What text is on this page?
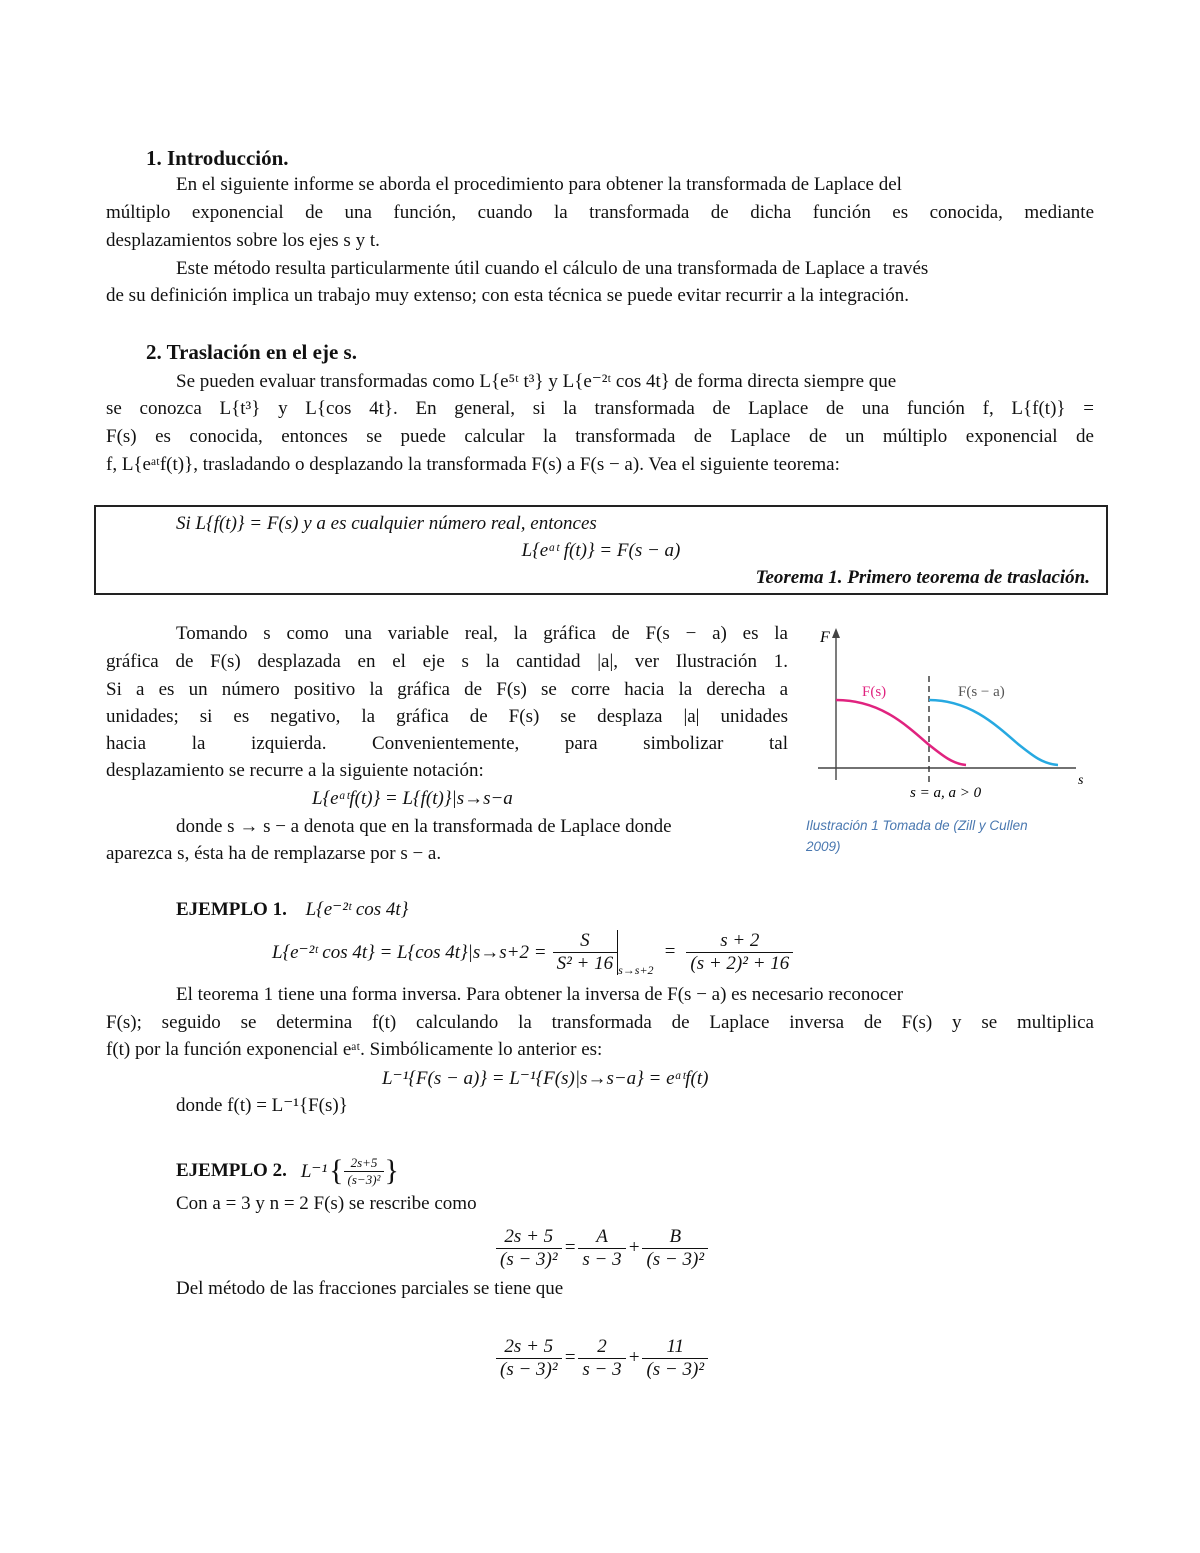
1. Introducción.
En el siguiente informe se aborda el procedimiento para obtener la transformada de Laplace del
múltiplo exponencial de una función, cuando la transformada de dicha función es conocida, mediante
desplazamientos sobre los ejes s y t.
Este método resulta particularmente útil cuando el cálculo de una transformada de Laplace a través
de su definición implica un trabajo muy extenso; con esta técnica se puede evitar recurrir a la integración.
2. Traslación en el eje s.
Se pueden evaluar transformadas como L{e⁵ᵗ t³} y L{e⁻²ᵗ cos 4t} de forma directa siempre que
se conozca L{t³} y L{cos 4t}. En general, si la transformada de Laplace de una función f, L{f(t)} =
F(s) es conocida, entonces se puede calcular la transformada de Laplace de un múltiplo exponencial de
f, L{eᵃᵗf(t)}, trasladando o desplazando la transformada F(s) a F(s − a). Vea el siguiente teorema:
Si L{f(t)} = F(s) y a es cualquier número real, entonces
L{eᵃᵗ f(t)} = F(s − a)
Teorema 1. Primero teorema de traslación.
Tomando s como una variable real, la gráfica de F(s − a) es la
gráfica de F(s) desplazada en el eje s la cantidad |a|, ver Ilustración 1.
Si a es un número positivo la gráfica de F(s) se corre hacia la derecha a
unidades; si es negativo, la gráfica de F(s) se desplaza |a| unidades
hacia la izquierda. Convenientemente, para simbolizar tal
desplazamiento se recurre a la siguiente notación:
L{eᵃᵗf(t)} = L{f(t)}|s→s−a
donde s → s − a denota que en la transformada de Laplace donde
aparezca s, ésta ha de remplazarse por s − a.
F
s
F(s)	F(s − a)
s = a, a > 0
Ilustración 1 Tomada de (Zill y Cullen
2009)
EJEMPLO 1. L{e⁻²ᵗ cos 4t}
L{e⁻²ᵗ cos 4t} = L{cos $4t\}|s\to s+2 = \frac{S}{\text{S² + 16}} s\to s+2$
= $\frac{s + 2}{\text{(s + 2)² + 16}}$
El teorema 1 tiene una forma inversa. Para obtener la inversa de F(s − a) es necesario reconocer
F(s); seguido se determina f(t) calculando la transformada de Laplace inversa de F(s) y se multiplica
f(t) por la función exponencial eᵃᵗ. Simbólicamente lo anterior es:
L⁻¹{F(s − a)} = L⁻¹{F(s)|s→s−a} = eᵃᵗf(t)
donde f(t) = L⁻¹{F(s)}
EJEMPLO 2. L⁻¹ { $\frac{2s+5}{\text{(s−3)²}}$ }
Con a = 3 y n = 2 F(s) se rescribe como
$\frac{2s + 5}{\text{(s − 3)²}} = \frac{A}{s - 3} + \frac{B}{\text{(s − 3)²}}$
Del método de las fracciones parciales se tiene que
$\frac{2s + 5}{\text{(s − 3)²}} = \frac{2}{s - 3} + \frac{11}{\text{(s − 3)²}}$
